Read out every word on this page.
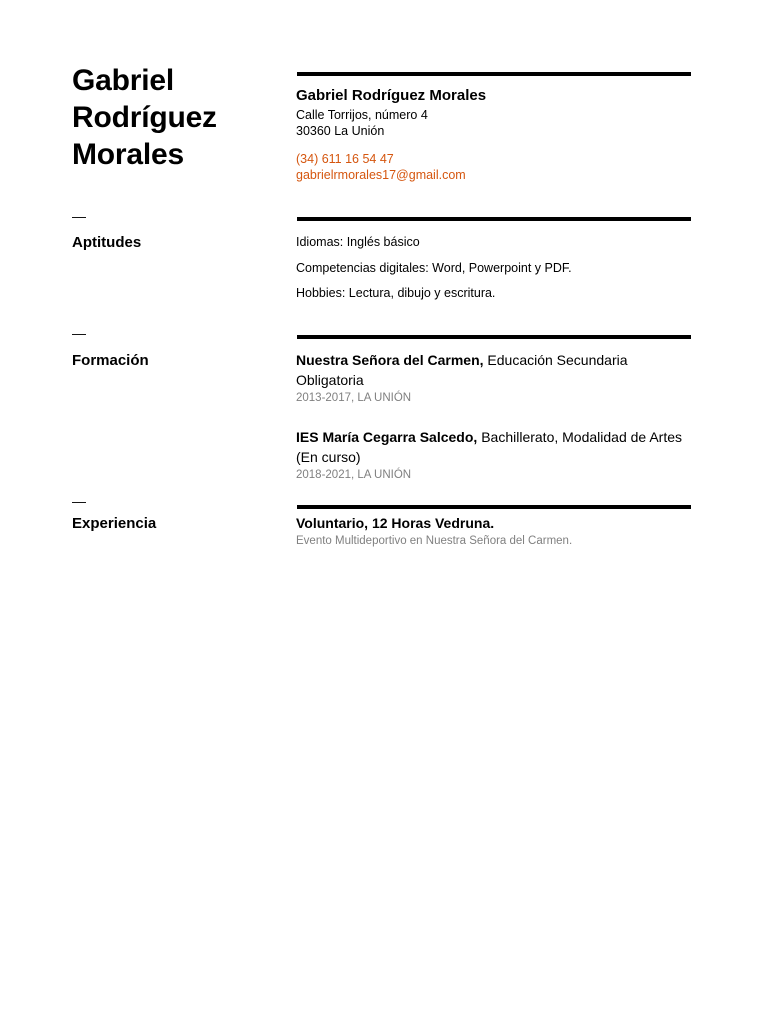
Gabriel
Rodríguez
Morales
Gabriel Rodríguez Morales
Calle Torrijos, número 4
30360 La Unión
(34) 611 16 54 47
gabrielrmorales17@gmail.com
—
Aptitudes	Idiomas: Inglés básico
Competencias digitales: Word, Powerpoint y PDF.
Hobbies: Lectura, dibujo y escritura.
—
Formación	Nuestra Señora del Carmen, Educación Secundaria Obligatoria
2013-2017, LA UNIÓN
IES María Cegarra Salcedo, Bachillerato, Modalidad de Artes (En curso)
2018-2021, LA UNIÓN
—
Experiencia	Voluntario, 12 Horas Vedruna.
Evento Multideportivo en Nuestra Señora del Carmen.
